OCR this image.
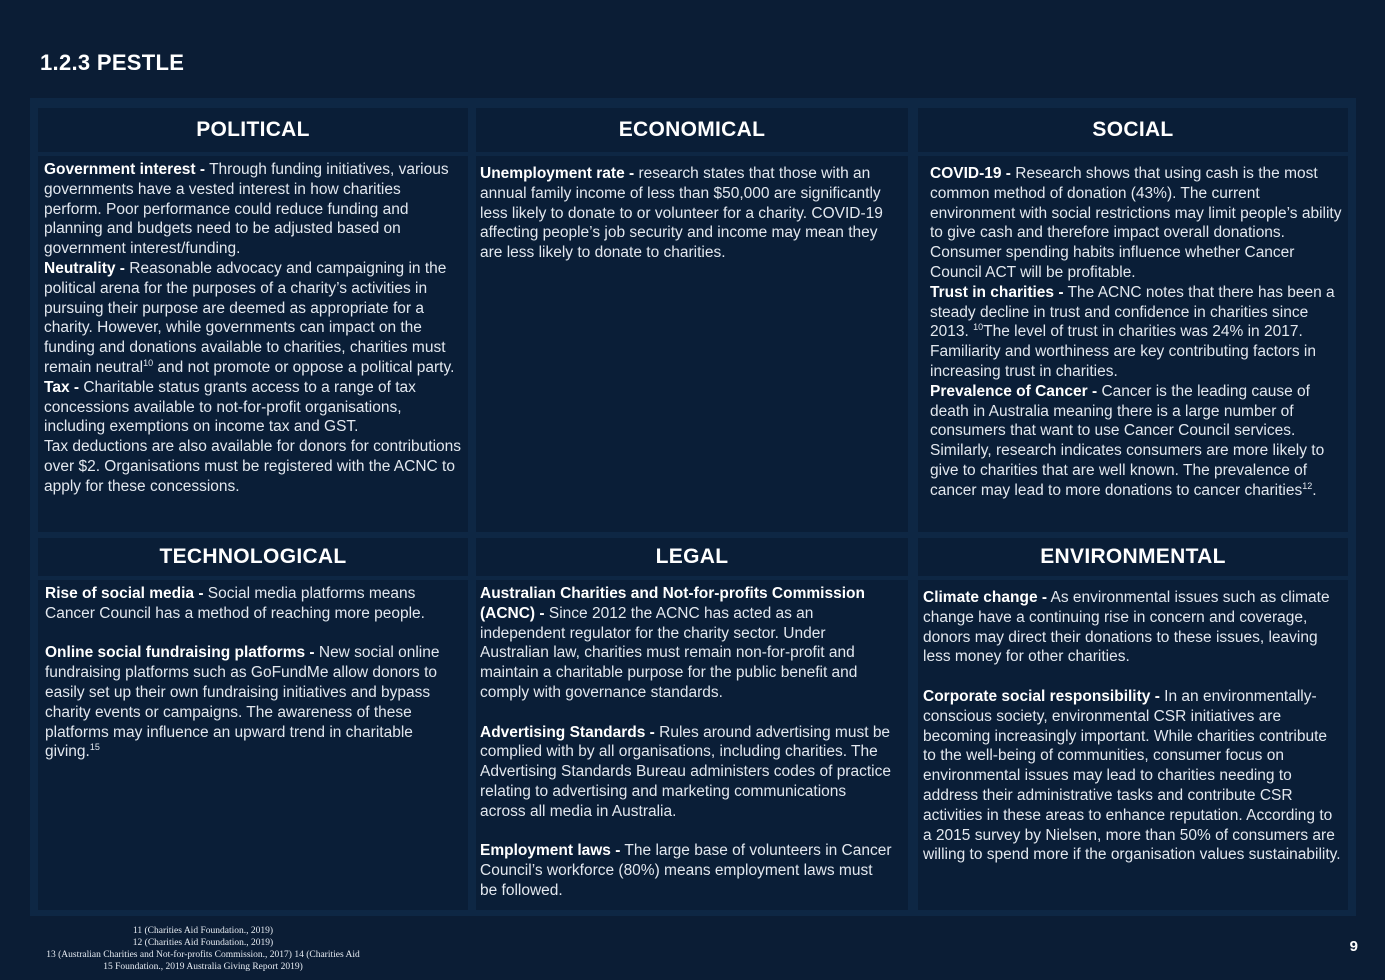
1.2.3 PESTLE
POLITICAL

Government interest - Through funding initiatives, various governments have a vested interest in how charities perform. Poor performance could reduce funding and planning and budgets need to be adjusted based on government interest/funding.

Neutrality - Reasonable advocacy and campaigning in the political arena for the purposes of a charity’s activities in pursuing their purpose are deemed as appropriate for a charity. However, while governments can impact on the funding and donations available to charities, charities must remain neutral$^{10}$ and not promote or oppose a political party.

Tax - Charitable status grants access to a range of tax concessions available to not-for-profit organisations, including exemptions on income tax and GST.

Tax deductions are also available for donors for contributions over $2. Organisations must be registered with the ACNC to apply for these concessions.

ECONOMICAL

Unemployment rate - research states that those with an annual family income of less than $50,000 are significantly less likely to donate to or volunteer for a charity. COVID-19 affecting people’s job security and income may mean they are less likely to donate to charities.

SOCIAL

COVID-19 - Research shows that using cash is the most common method of donation (43%). The current environment with social restrictions may limit people’s ability to give cash and therefore impact overall donations. Consumer spending habits influence whether Cancer Council ACT will be profitable.

Trust in charities - The ACNC notes that there has been a steady decline in trust and confidence in charities since 2013. $^{10}$The level of trust in charities was 24% in 2017. Familiarity and worthiness are key contributing factors in increasing trust in charities.

Prevalence of Cancer - Cancer is the leading cause of death in Australia meaning there is a large number of consumers that want to use Cancer Council services. Similarly, research indicates consumers are more likely to give to charities that are well known. The prevalence of cancer may lead to more donations to cancer charities$^{12}$.

TECHNOLOGICAL

Rise of social media - Social media platforms means Cancer Council has a method of reaching more people.

Online social fundraising platforms - New social online fundraising platforms such as GoFundMe allow donors to easily set up their own fundraising initiatives and bypass charity events or campaigns. The awareness of these platforms may influence an upward trend in charitable giving.$^{15}$

LEGAL

Australian Charities and Not-for-profits Commission (ACNC) - Since 2012 the ACNC has acted as an independent regulator for the charity sector. Under Australian law, charities must remain non-for-profit and maintain a charitable purpose for the public benefit and comply with governance standards.

Advertising Standards - Rules around advertising must be complied with by all organisations, including charities. The Advertising Standards Bureau administers codes of practice relating to advertising and marketing communications across all media in Australia.

Employment laws - The large base of volunteers in Cancer Council’s workforce (80%) means employment laws must be followed.

ENVIRONMENTAL

Climate change - As environmental issues such as climate change have a continuing rise in concern and coverage, donors may direct their donations to these issues, leaving less money for other charities.

Corporate social responsibility - In an environmentally-conscious society, environmental CSR initiatives are becoming increasingly important. While charities contribute to the well-being of communities, consumer focus on environmental issues may lead to charities needing to address their administrative tasks and contribute CSR activities in these areas to enhance reputation. According to a 2015 survey by Nielsen, more than 50% of consumers are willing to spend more if the organisation values sustainability.

11 (Charities Aid Foundation., 2019)
12 (Charities Aid Foundation., 2019)
13 (Australian Charities and Not-for-profits Commission., 2017) 14 (Charities Aid
15 Foundation., 2019 Australia Giving Report 2019)
9
